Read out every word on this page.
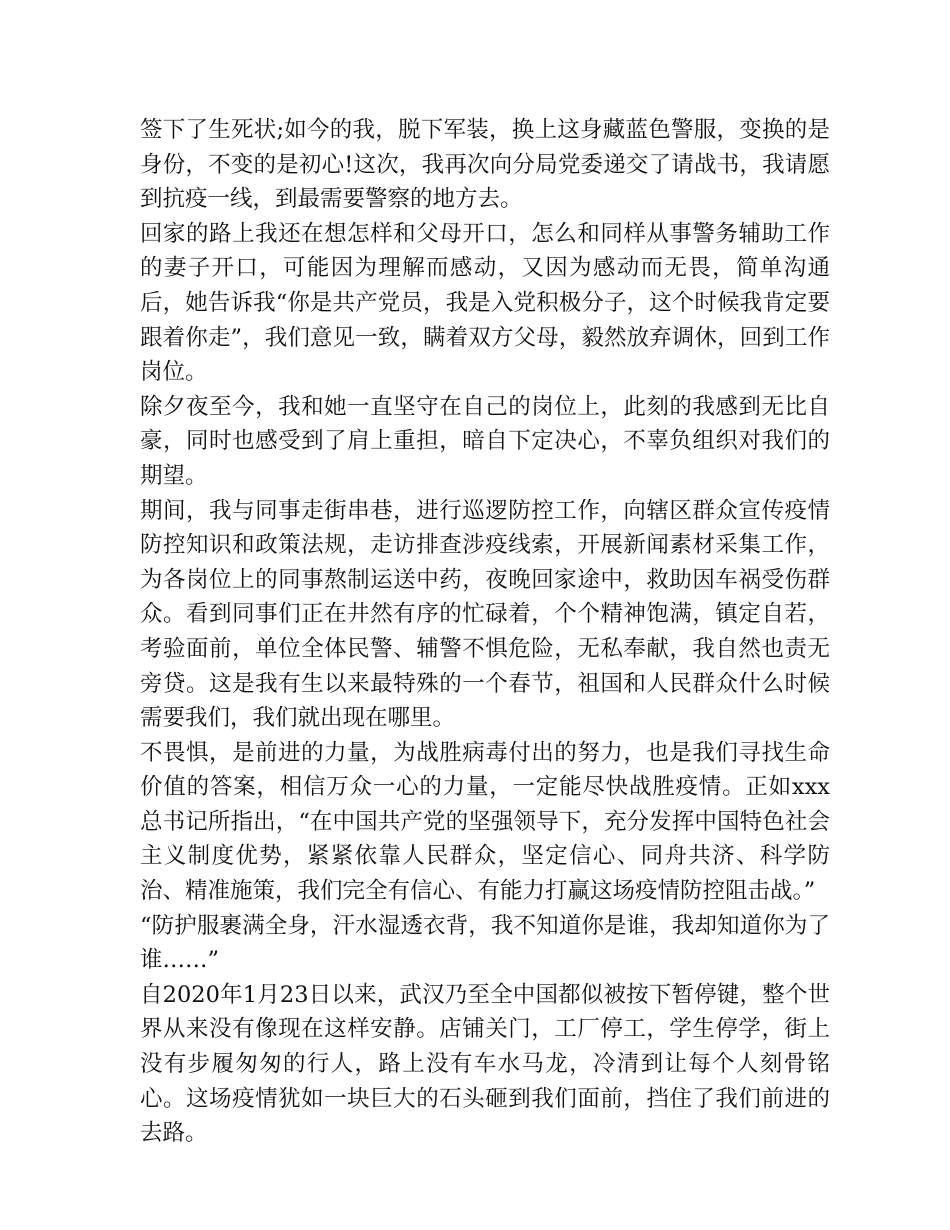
签下了生死状;如今的我，脱下军装，换上这身藏蓝色警服，变换的是身份，不变的是初心!这次，我再次向分局党委递交了请战书，我请愿到抗疫一线，到最需要警察的地方去。

回家的路上我还在想怎样和父母开口，怎么和同样从事警务辅助工作的妻子开口，可能因为理解而感动，又因为感动而无畏，简单沟通后，她告诉我“你是共产党员，我是入党积极分子，这个时候我肯定要跟着你走”，我们意见一致，瞒着双方父母，毅然放弃调休，回到工作岗位。

除夕夜至今，我和她一直坚守在自己的岗位上，此刻的我感到无比自豪，同时也感受到了肩上重担，暗自下定决心，不辜负组织对我们的期望。

期间，我与同事走街串巷，进行巡逻防控工作，向辖区群众宣传疫情防控知识和政策法规，走访排查涉疫线索，开展新闻素材采集工作，为各岗位上的同事熬制运送中药，夜晚回家途中，救助因车祸受伤群众。看到同事们正在井然有序的忙碌着，个个精神饱满，镇定自若，考验面前，单位全体民警、辅警不惧危险，无私奉献，我自然也责无旁贷。这是我有生以来最特殊的一个春节，祖国和人民群众什么时候需要我们，我们就出现在哪里。

不畏惧，是前进的力量，为战胜病毒付出的努力，也是我们寻找生命价值的答案，相信万众一心的力量，一定能尽快战胜疫情。正如xxx总书记所指出，“在中国共产党的坚强领导下，充分发挥中国特色社会主义制度优势，紧紧依靠人民群众，坚定信心、同舟共济、科学防治、精准施策，我们完全有信心、有能力打赢这场疫情防控阻击战。”

“防护服裹满全身，汗水湿透衣背，我不知道你是谁，我却知道你为了谁……”

自2020年1月23日以来，武汉乃至全中国都似被按下暂停键，整个世界从来没有像现在这样安静。店铺关门，工厂停工，学生停学，街上没有步履匆匆的行人，路上没有车水马龙，冷清到让每个人刻骨铭心。这场疫情犹如一块巨大的石头砸到我们面前，挡住了我们前进的去路。
